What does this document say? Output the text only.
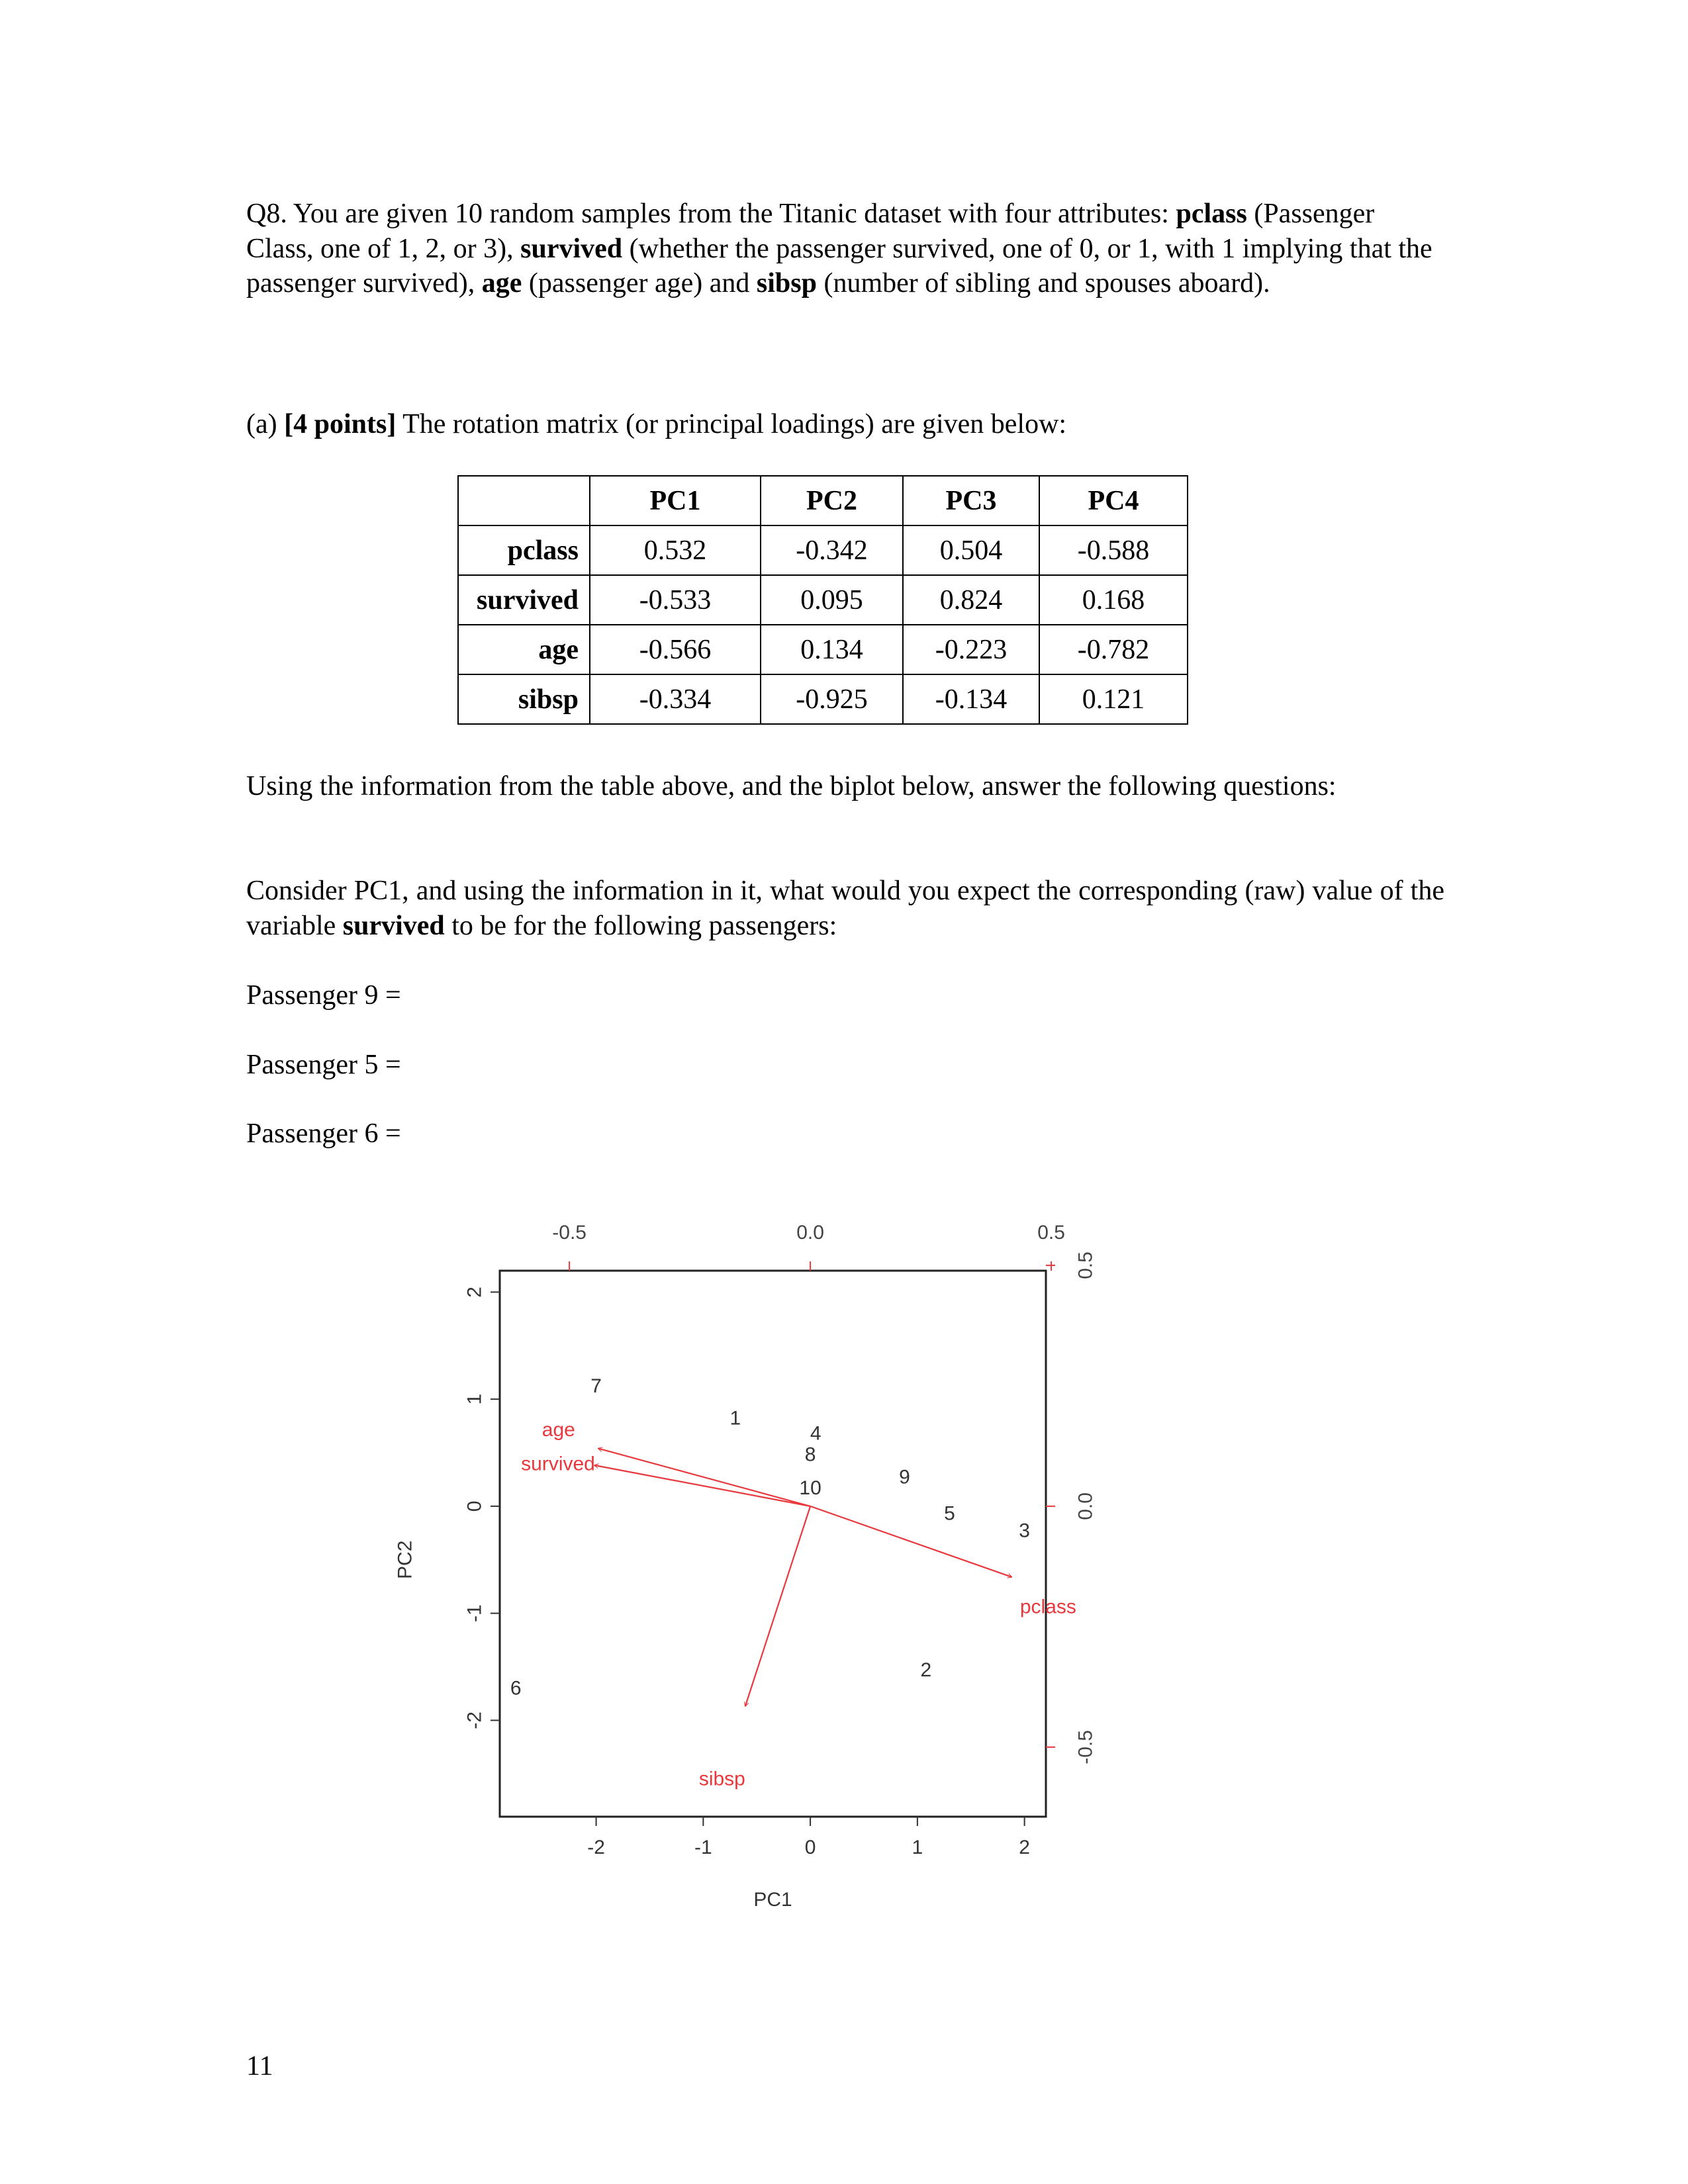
Q8. You are given 10 random samples from the Titanic dataset with four attributes: pclass (Passenger Class, one of 1, 2, or 3), survived (whether the passenger survived, one of 0, or 1, with 1 implying that the passenger survived), age (passenger age) and sibsp (number of sibling and spouses aboard).

(a) [4 points] The rotation matrix (or principal loadings) are given below:

	PC1	PC2	PC3	PC4
pclass	0.532	-0.342	0.504	-0.588
survived	-0.533	0.095	0.824	0.168
age	-0.566	0.134	-0.223	-0.782
sibsp	-0.334	-0.925	-0.134	0.121

Using the information from the table above, and the biplot below, answer the following questions:

Consider PC1, and using the information in it, what would you expect the corresponding (raw) value of the variable survived to be for the following passengers:

Passenger 9 =
Passenger 5 =
Passenger 6 =
-2	-1	0	1	2
PC1
-2
-1
0
1
2
PC2
-0.5	0.0	0.5
-0.5
0.0
0.5
1
2
3
4
5
6
7
8
9
10
pclass
survived
age
sibsp
11
